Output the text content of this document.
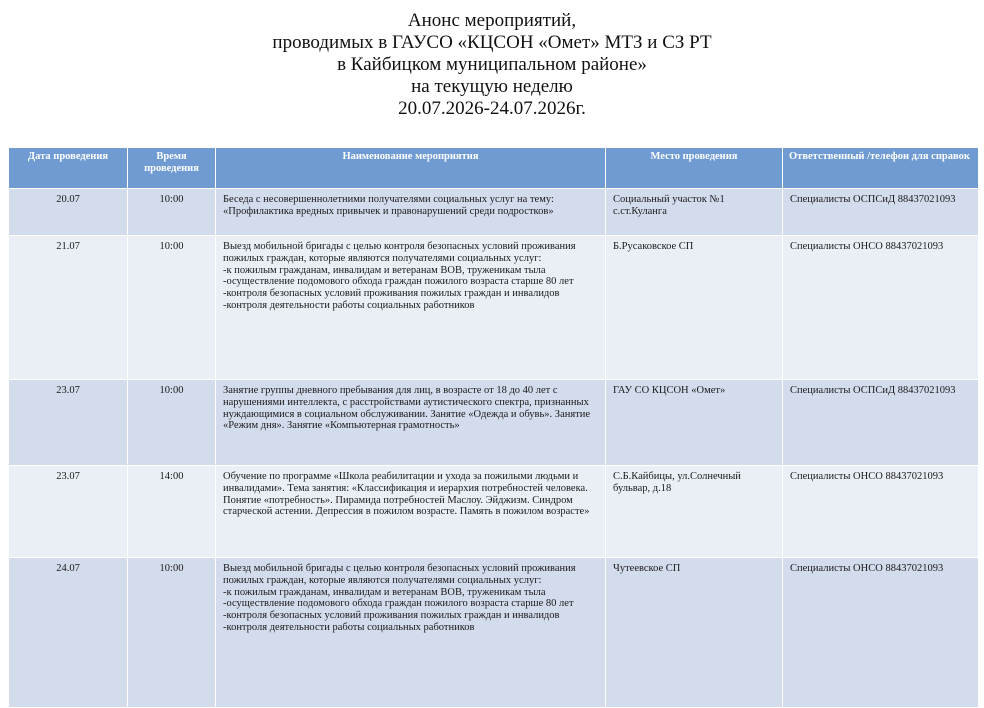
Анонс мероприятий,
проводимых в ГАУСО «КЦСОН «Омет» МТЗ и СЗ РТ
в Кайбицком муниципальном районе»
на текущую неделю
20.07.2026-24.07.2026г.
Дата проведения	Время проведения	Наименование мероприятия	Место проведения	Ответственный /телефон для справок
20.07	10:00	Беседа с несовершеннолетними получателями социальных услуг на тему: «Профилактика вредных привычек и правонарушений среди подростков»	Социальный участок №1 с.ст.Куланга	Специалисты ОСПСиД 88437021093

21.07	10:00	Выезд мобильной бригады с целью контроля безопасных условий проживания пожилых граждан, которые являются получателями социальных услуг:
-к пожилым гражданам, инвалидам и ветеранам ВОВ, труженикам тыла
-осуществление подомового обхода граждан пожилого возраста старше 80 лет
-контроля безопасных условий проживания пожилых граждан и инвалидов
-контроля деятельности работы социальных работников	Б.Русаковское СП	Специалисты ОНСО 88437021093

23.07	10:00	Занятие группы дневного пребывания для лиц, в возрасте от 18 до 40 лет с нарушениями интеллекта, с расстройствами аутистического спектра, признанных нуждающимися в социальном обслуживании. Занятие «Одежда и обувь». Занятие «Режим дня». Занятие «Компьютерная грамотность»	ГАУ СО КЦСОН «Омет»	Специалисты ОСПСиД 88437021093

23.07	14:00	Обучение по программе «Школа реабилитации и ухода за пожилыми людьми и инвалидами». Тема занятия: «Классификация и иерархия потребностей человека. Понятие «потребность». Пирамида потребностей Маслоу. Эйджизм. Синдром старческой астении. Депрессия в пожилом возрасте. Память в пожилом возрасте»	С.Б.Кайбицы, ул.Солнечный бульвар, д.18	Специалисты ОНСО 88437021093

24.07	10:00	Выезд мобильной бригады с целью контроля безопасных условий проживания пожилых граждан, которые являются получателями социальных услуг:
-к пожилым гражданам, инвалидам и ветеранам ВОВ, труженикам тыла
-осуществление подомового обхода граждан пожилого возраста старше 80 лет
-контроля безопасных условий проживания пожилых граждан и инвалидов
-контроля деятельности работы социальных работников	Чутеевское СП	Специалисты ОНСО 88437021093
